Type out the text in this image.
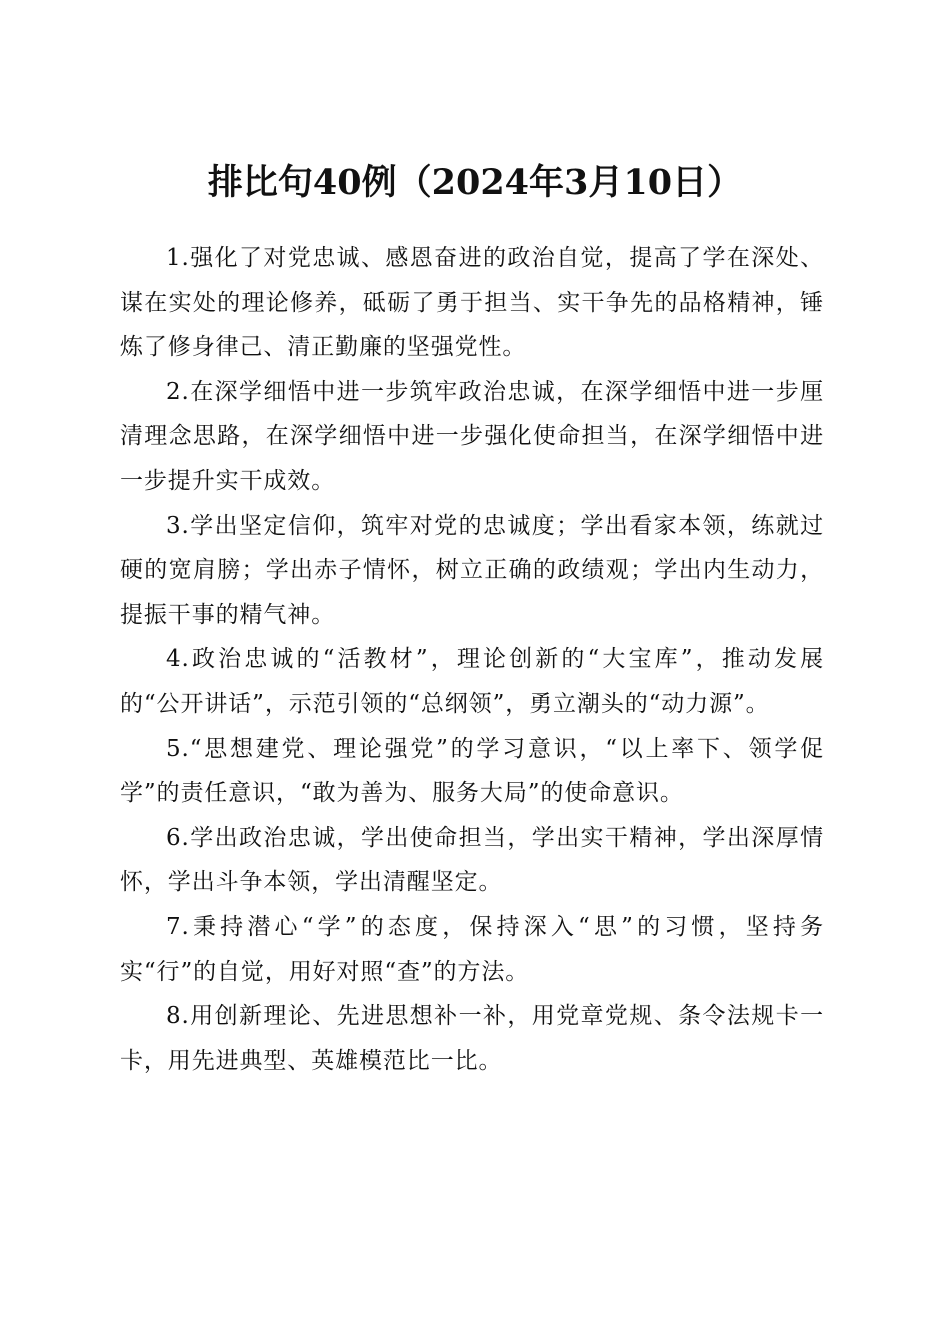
排比句40例（2024年3月10日）

1.强化了对党忠诚、感恩奋进的政治自觉，提高了学在深处、谋在实处的理论修养，砥砺了勇于担当、实干争先的品格精神，锤炼了修身律己、清正勤廉的坚强党性。

2.在深学细悟中进一步筑牢政治忠诚，在深学细悟中进一步厘清理念思路，在深学细悟中进一步强化使命担当，在深学细悟中进一步提升实干成效。

3.学出坚定信仰，筑牢对党的忠诚度；学出看家本领，练就过硬的宽肩膀；学出赤子情怀，树立正确的政绩观；学出内生动力，提振干事的精气神。

4.政治忠诚的“活教材”，理论创新的“大宝库”，推动发展的“公开讲话”，示范引领的“总纲领”，勇立潮头的“动力源”。

5.“思想建党、理论强党”的学习意识，“以上率下、领学促学”的责任意识，“敢为善为、服务大局”的使命意识。

6.学出政治忠诚，学出使命担当，学出实干精神，学出深厚情怀，学出斗争本领，学出清醒坚定。

7.秉持潜心“学”的态度，保持深入“思”的习惯，坚持务实“行”的自觉，用好对照“查”的方法。

8.用创新理论、先进思想补一补，用党章党规、条令法规卡一卡，用先进典型、英雄模范比一比。
